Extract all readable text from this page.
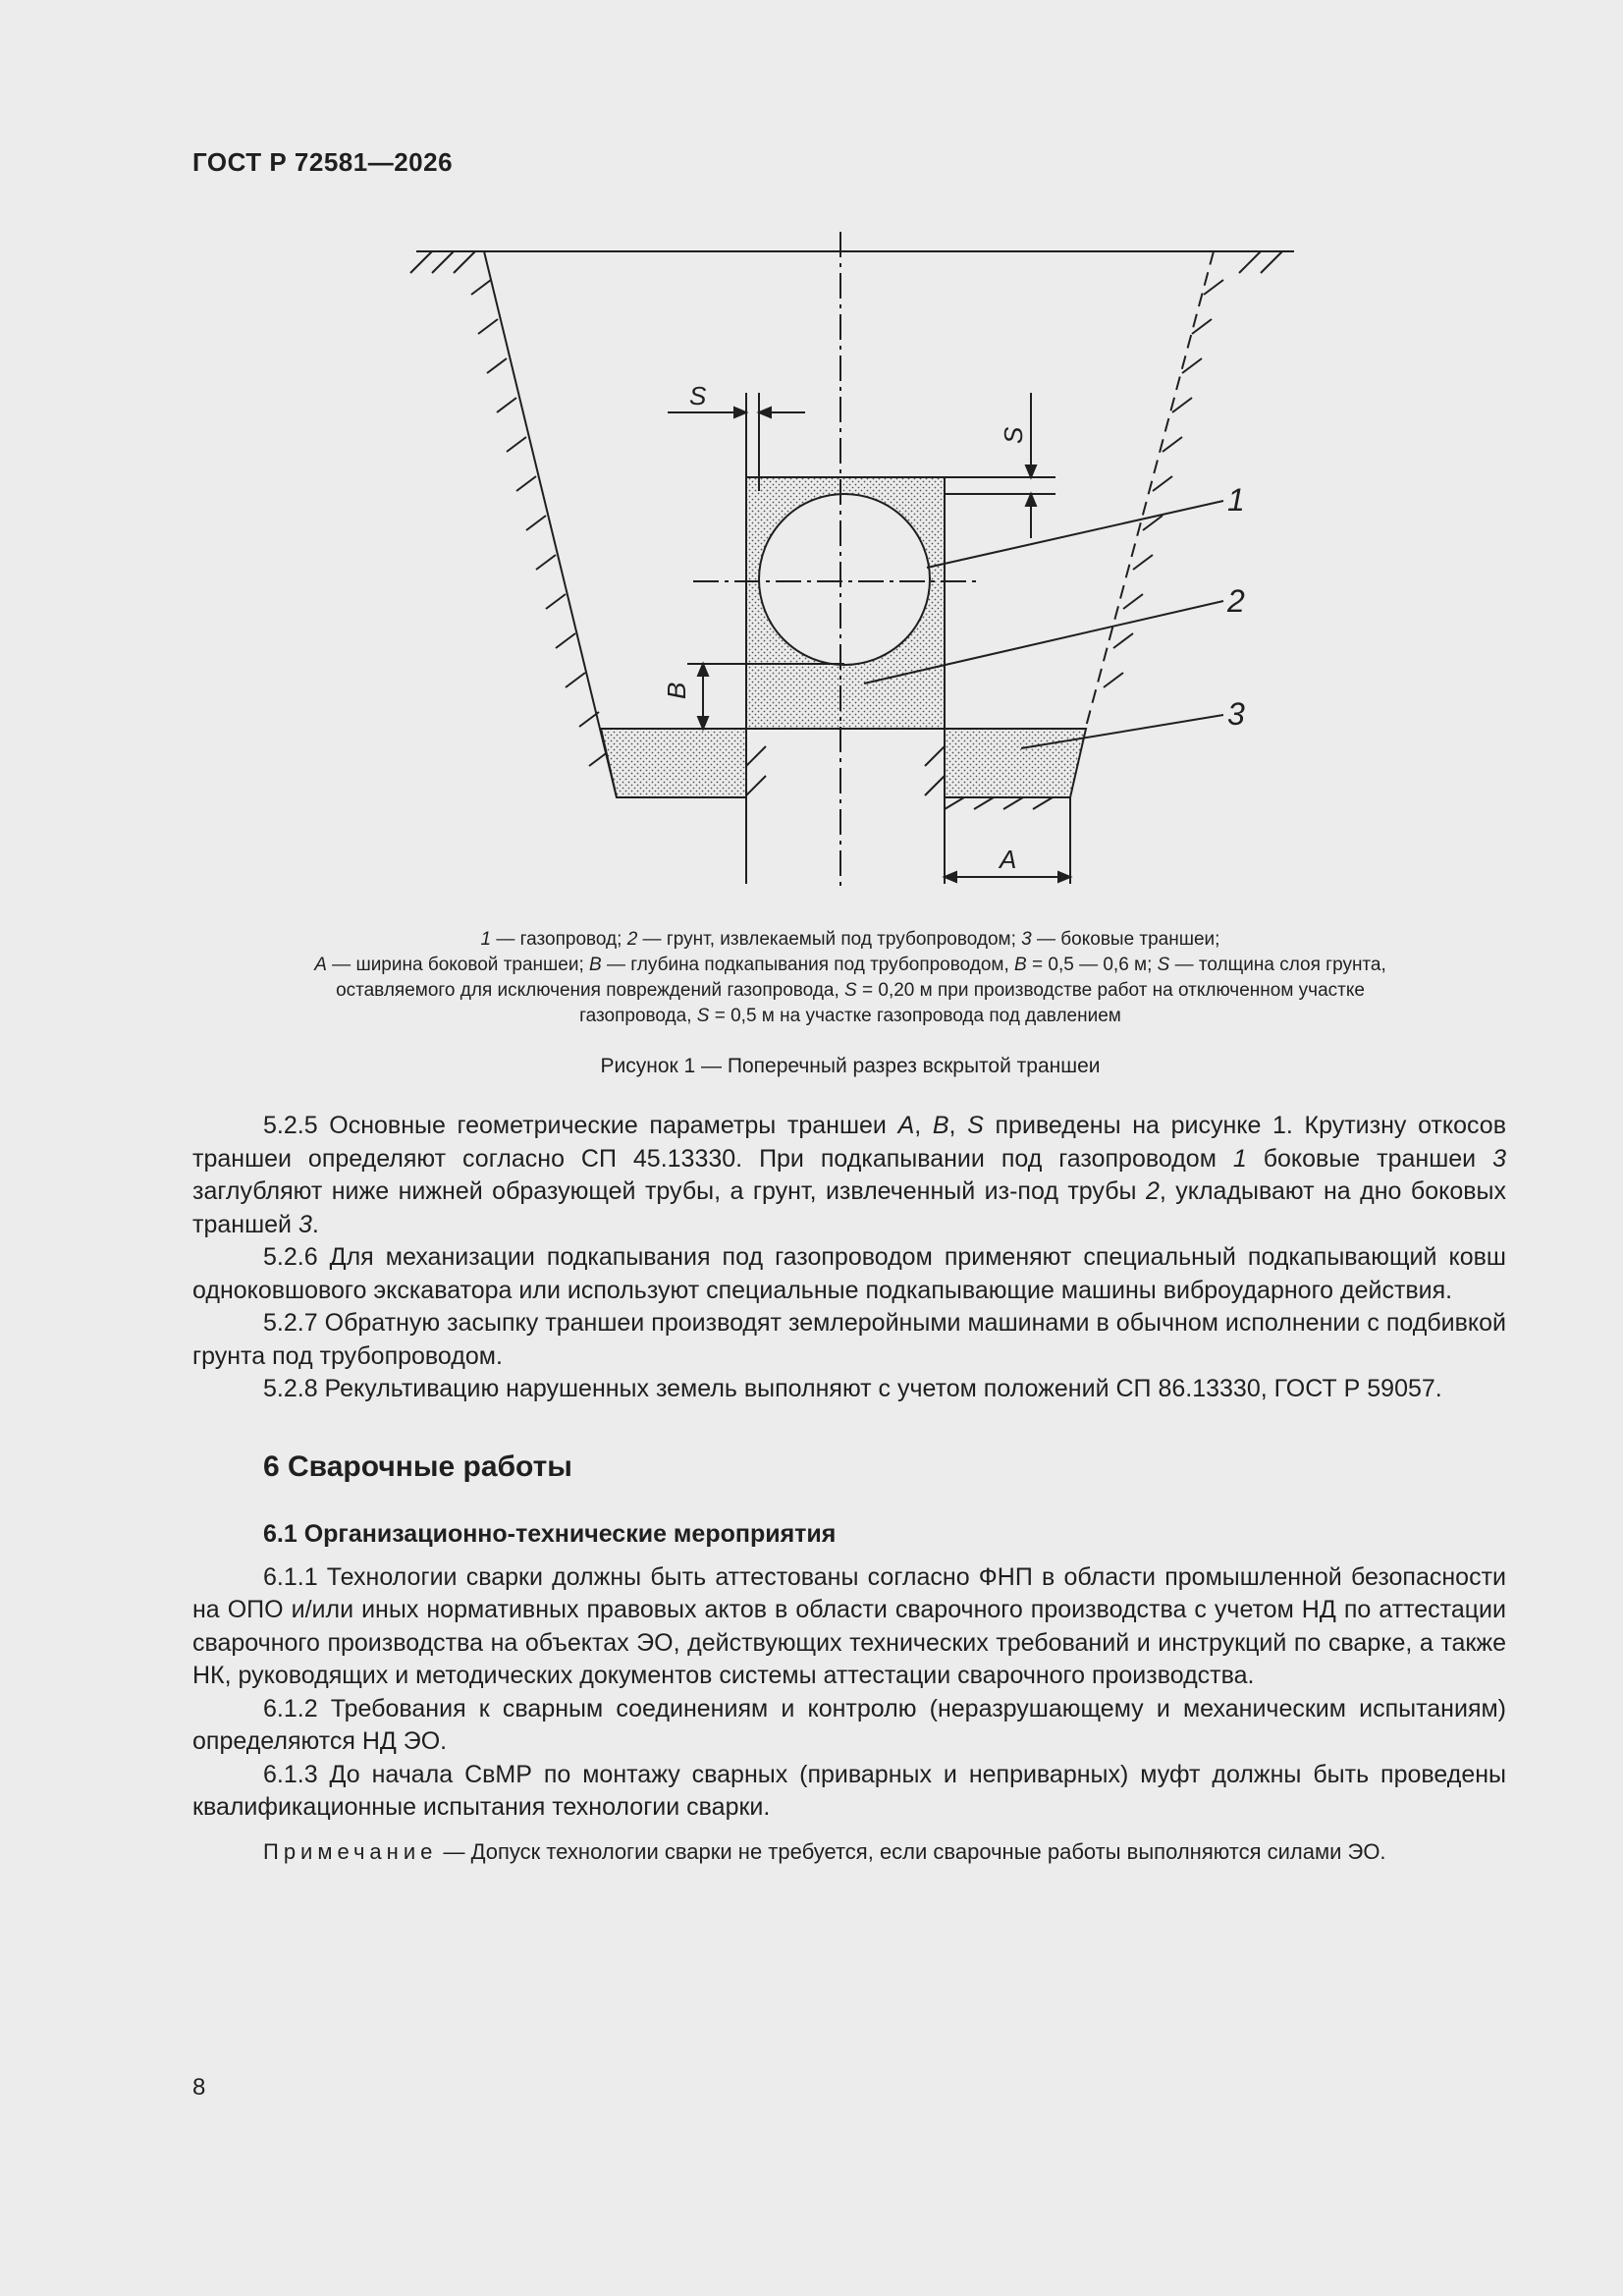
ГОСТ Р 72581—2026
S
S
B
A
1
2
3
1 — газопровод; 2 — грунт, извлекаемый под трубопроводом; 3 — боковые траншеи;
A — ширина боковой траншеи; B — глубина подкапывания под трубопроводом, B = 0,5 — 0,6 м; S — толщина слоя грунта,
оставляемого для исключения повреждений газопровода, S = 0,20 м при производстве работ на отключенном участке
газопровода, S = 0,5 м на участке газопровода под давлением
Рисунок 1 — Поперечный разрез вскрытой траншеи

5.2.5 Основные геометрические параметры траншеи A, B, S приведены на рисунке 1. Крутизну откосов траншеи определяют согласно СП 45.13330. При подкапывании под газопроводом 1 боковые траншеи 3 заглубляют ниже нижней образующей трубы, а грунт, извлеченный из-под трубы 2, укладывают на дно боковых траншей 3.

5.2.6 Для механизации подкапывания под газопроводом применяют специальный подкапывающий ковш одноковшового экскаватора или используют специальные подкапывающие машины виброударного действия.

5.2.7 Обратную засыпку траншеи производят землеройными машинами в обычном исполнении с подбивкой грунта под трубопроводом.

5.2.8 Рекультивацию нарушенных земель выполняют с учетом положений СП 86.13330, ГОСТ Р 59057.

6 Сварочные работы
6.1 Организационно-технические мероприятия

6.1.1 Технологии сварки должны быть аттестованы согласно ФНП в области промышленной безопасности на ОПО и/или иных нормативных правовых актов в области сварочного производства с учетом НД по аттестации сварочного производства на объектах ЭО, действующих технических требований и инструкций по сварке, а также НК, руководящих и методических документов системы аттестации сварочного производства.

6.1.2 Требования к сварным соединениям и контролю (неразрушающему и механическим испытаниям) определяются НД ЭО.

6.1.3 До начала СвМР по монтажу сварных (приварных и неприварных) муфт должны быть проведены квалификационные испытания технологии сварки.

Примечание — Допуск технологии сварки не требуется, если сварочные работы выполняются силами ЭО.

8
